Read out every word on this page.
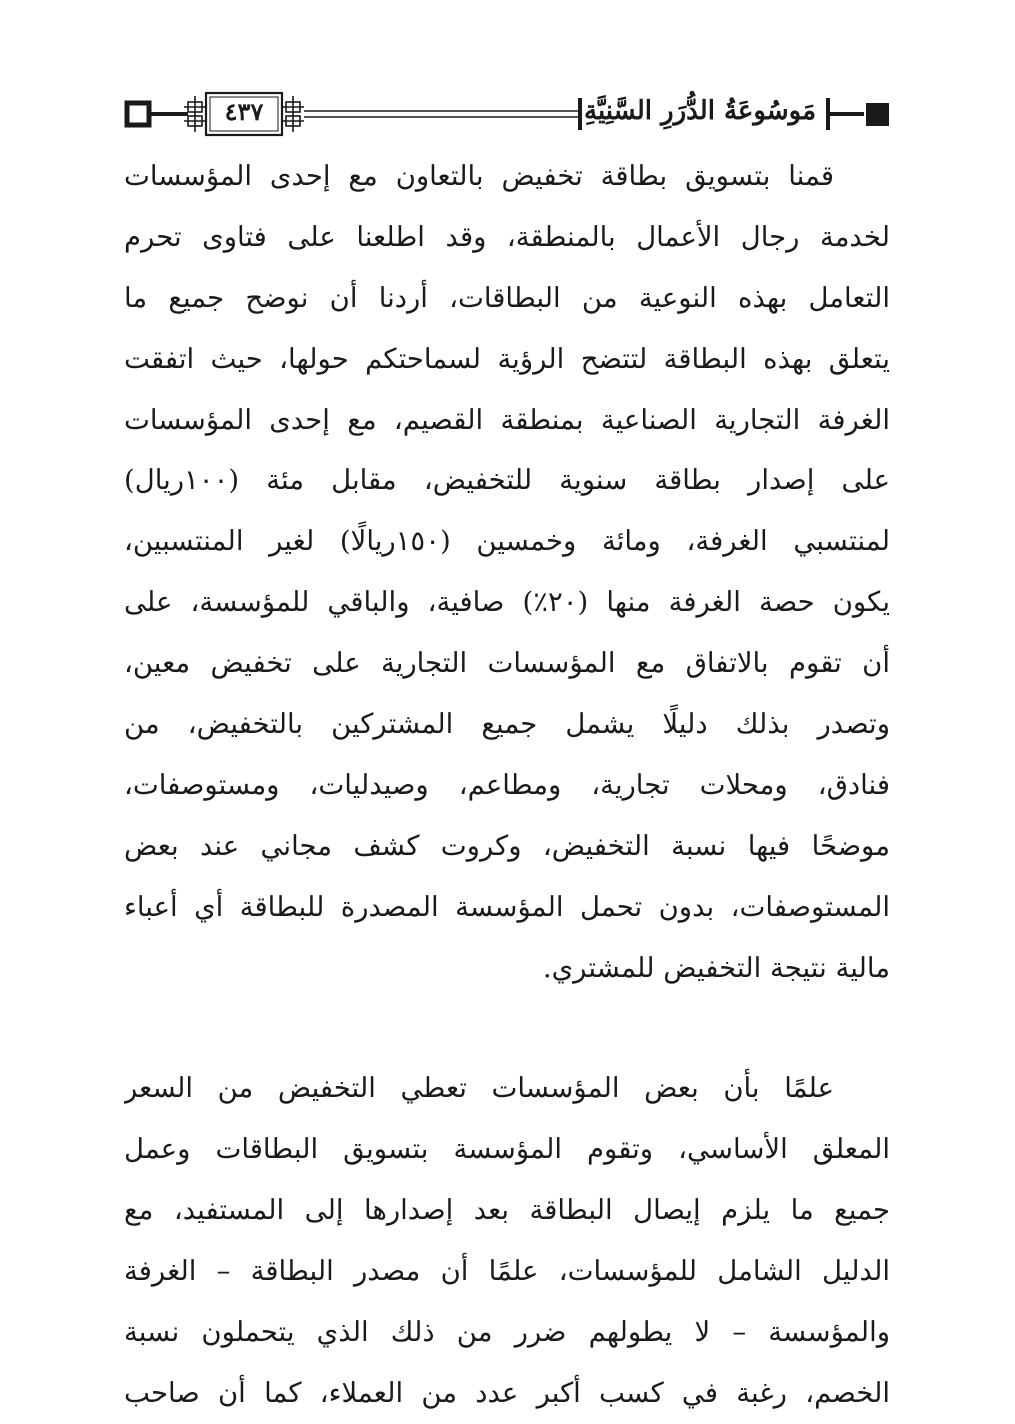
٤٣٧	مَوسُوعَةُ الدُّرَرِ السَّنِيَّةِ
قمنا بتسويق بطاقة تخفيض بالتعاون مع إحدى المؤسسات
لخدمة رجال الأعمال بالمنطقة، وقد اطلعنا على فتاوى تحرم
التعامل بهذه النوعية من البطاقات، أردنا أن نوضح جميع ما
يتعلق بهذه البطاقة لتتضح الرؤية لسماحتكم حولها، حيث اتفقت
الغرفة التجارية الصناعية بمنطقة القصيم، مع إحدى المؤسسات
على إصدار بطاقة سنوية للتخفيض، مقابل مئة (١٠٠ريال)
لمنتسبي الغرفة، ومائة وخمسين (١٥٠ريالًا) لغير المنتسبين،
يكون حصة الغرفة منها (٢٠٪) صافية، والباقي للمؤسسة، على
أن تقوم بالاتفاق مع المؤسسات التجارية على تخفيض معين،
وتصدر بذلك دليلًا يشمل جميع المشتركين بالتخفيض، من
فنادق، ومحلات تجارية، ومطاعم، وصيدليات، ومستوصفات،
موضحًا فيها نسبة التخفيض، وكروت كشف مجاني عند بعض
المستوصفات، بدون تحمل المؤسسة المصدرة للبطاقة أي أعباء
مالية نتيجة التخفيض للمشتري.
علمًا بأن بعض المؤسسات تعطي التخفيض من السعر
المعلق الأساسي، وتقوم المؤسسة بتسويق البطاقات وعمل
جميع ما يلزم إيصال البطاقة بعد إصدارها إلى المستفيد، مع
الدليل الشامل للمؤسسات، علمًا أن مصدر البطاقة – الغرفة
والمؤسسة – لا يطولهم ضرر من ذلك الذي يتحملون نسبة
الخصم، رغبة في كسب أكبر عدد من العملاء، كما أن صاحب
